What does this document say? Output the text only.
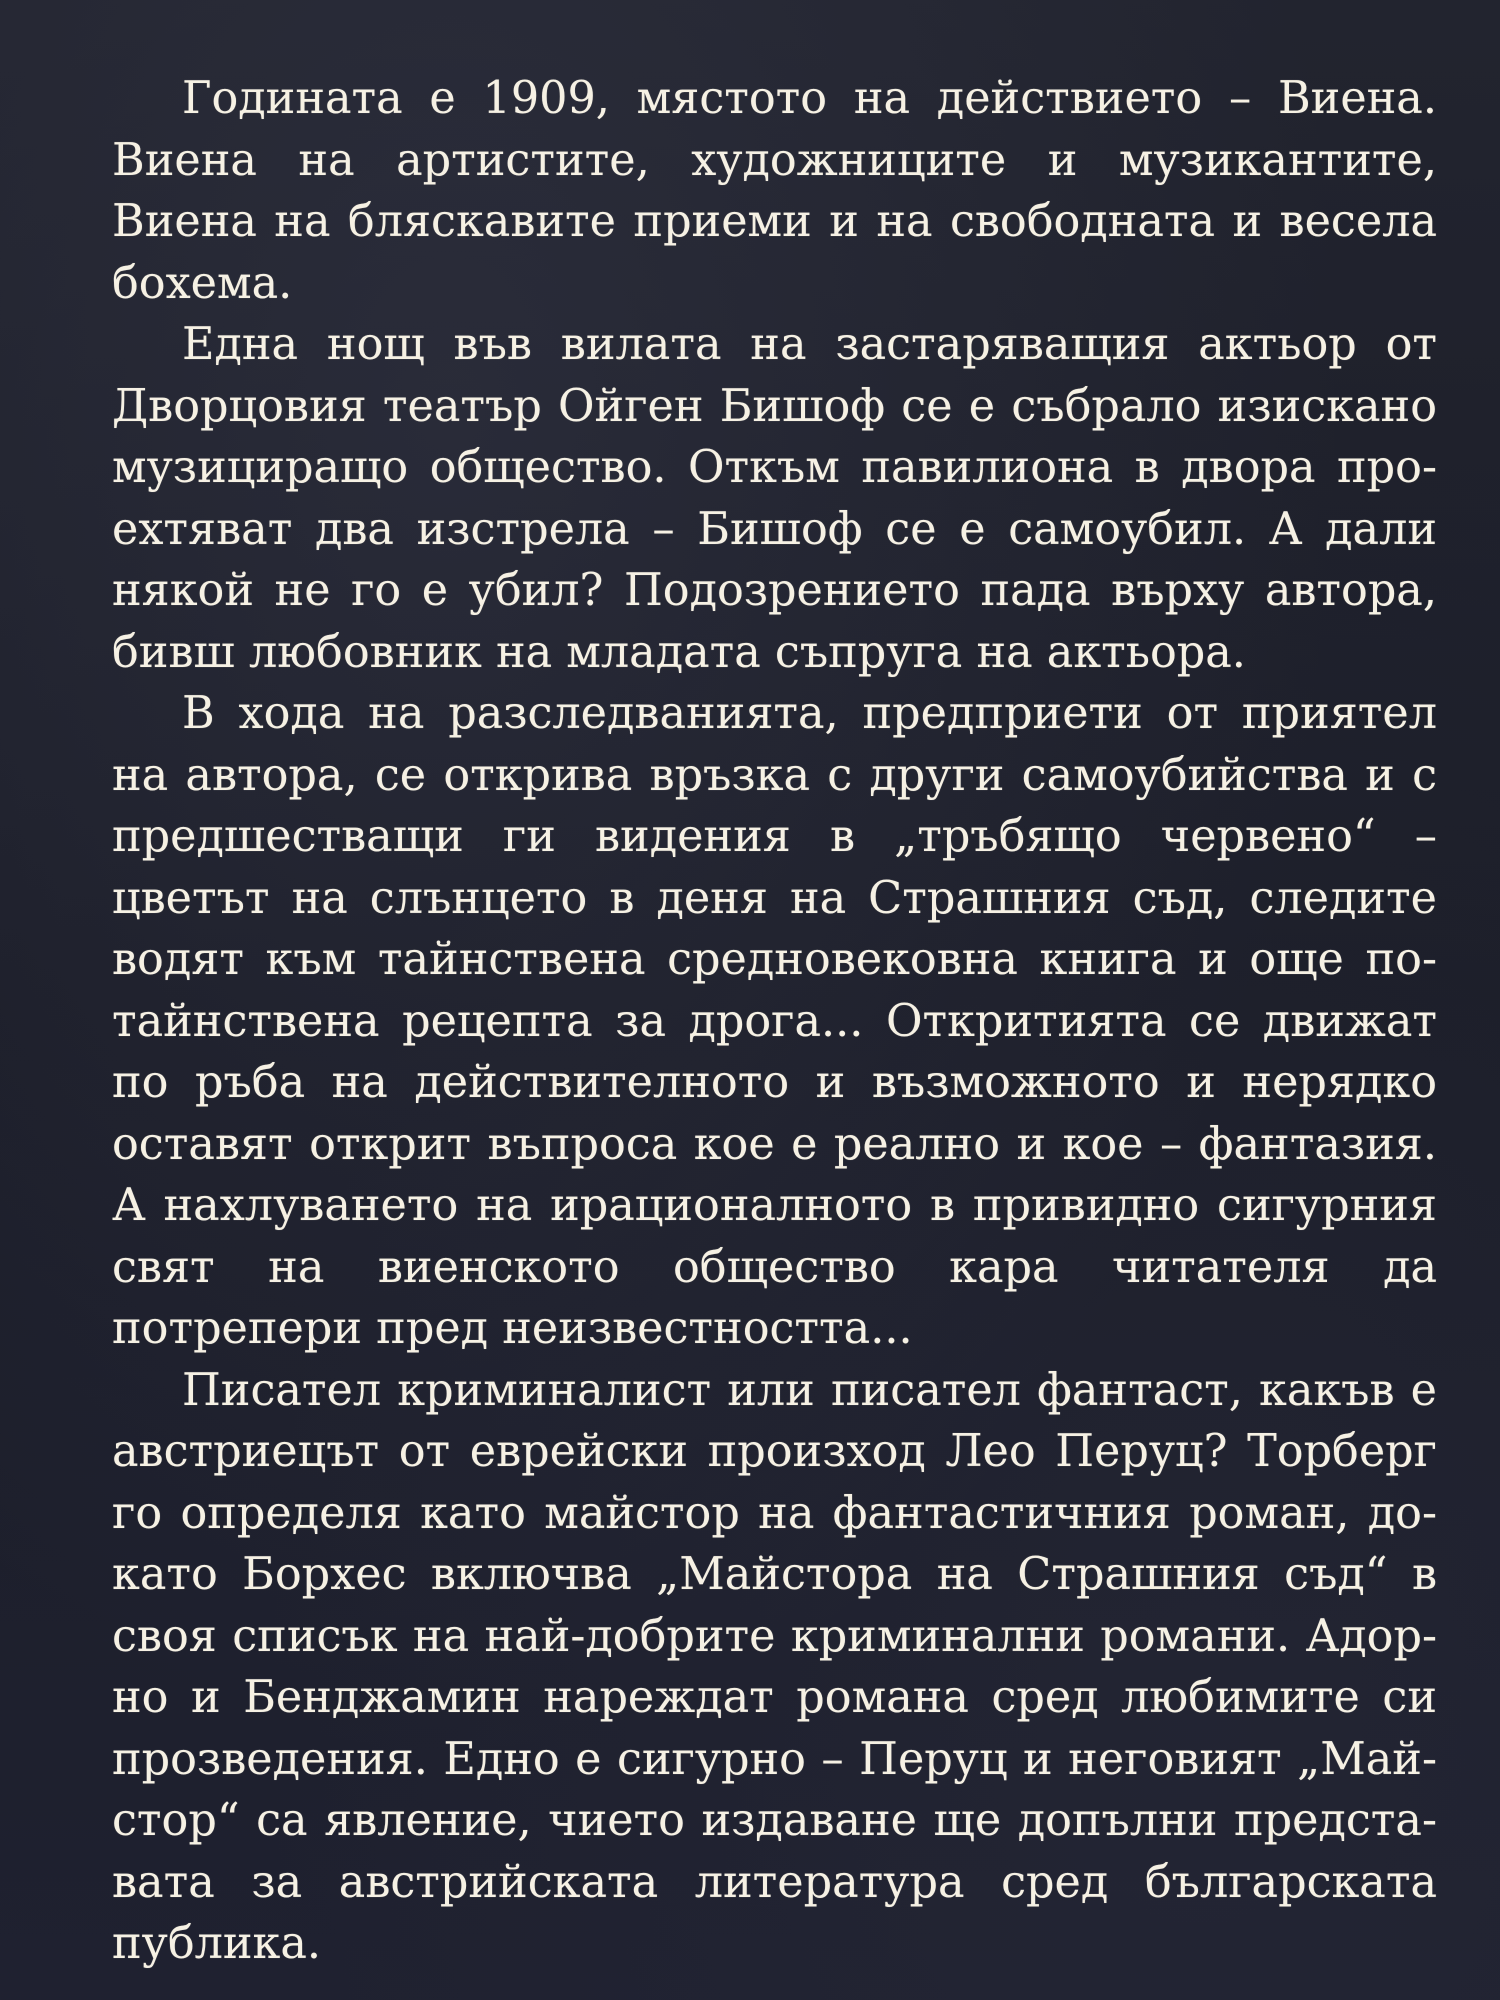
Годината е 1909, мястото на действието – Виена. Виена на артистите, художниците и музикантите, Виена на бляскавите приеми и на свободната и весела бохема.

Една нощ във вилата на застаряващия актьор от Дворцовия театър Ойген Бишоф се е събрало изискано музициращо общество. Откъм павилиона в двора проехтяват два изстрела – Бишоф се е самоубил. А дали някой не го е убил? Подозрението пада върху автора, бивш любовник на младата съпруга на актьора.

В хода на разследванията, предприети от приятел на автора, се открива връзка с други самоубийства и с предшестващи ги видения в „тръбящо червено“ – цветът на слънцето в деня на Страшния съд, следите водят към тайнствена средновековна книга и още по-тайнствена рецепта за дрога... Откритията се движат по ръба на действителното и възможното и нерядко оставят открит въпроса кое е реално и кое – фантазия. А нахлуването на ирационалното в привидно сигурния свят на виенското общество кара читателя да потрепери пред неизвестността...

Писател криминалист или писател фантаст, какъв е австриецът от еврейски произход Лео Перуц? Торберг го определя като майстор на фантастичния роман, докато Борхес включва „Майстора на Страшния съд“ в своя списък на най-добрите криминални романи. Адорно и Бенджамин нареждат романа сред любимите си прозведения. Едно е сигурно – Перуц и неговият „Майстор“ са явление, чието издаване ще допълни представата за австрийската литература сред българската публика.
